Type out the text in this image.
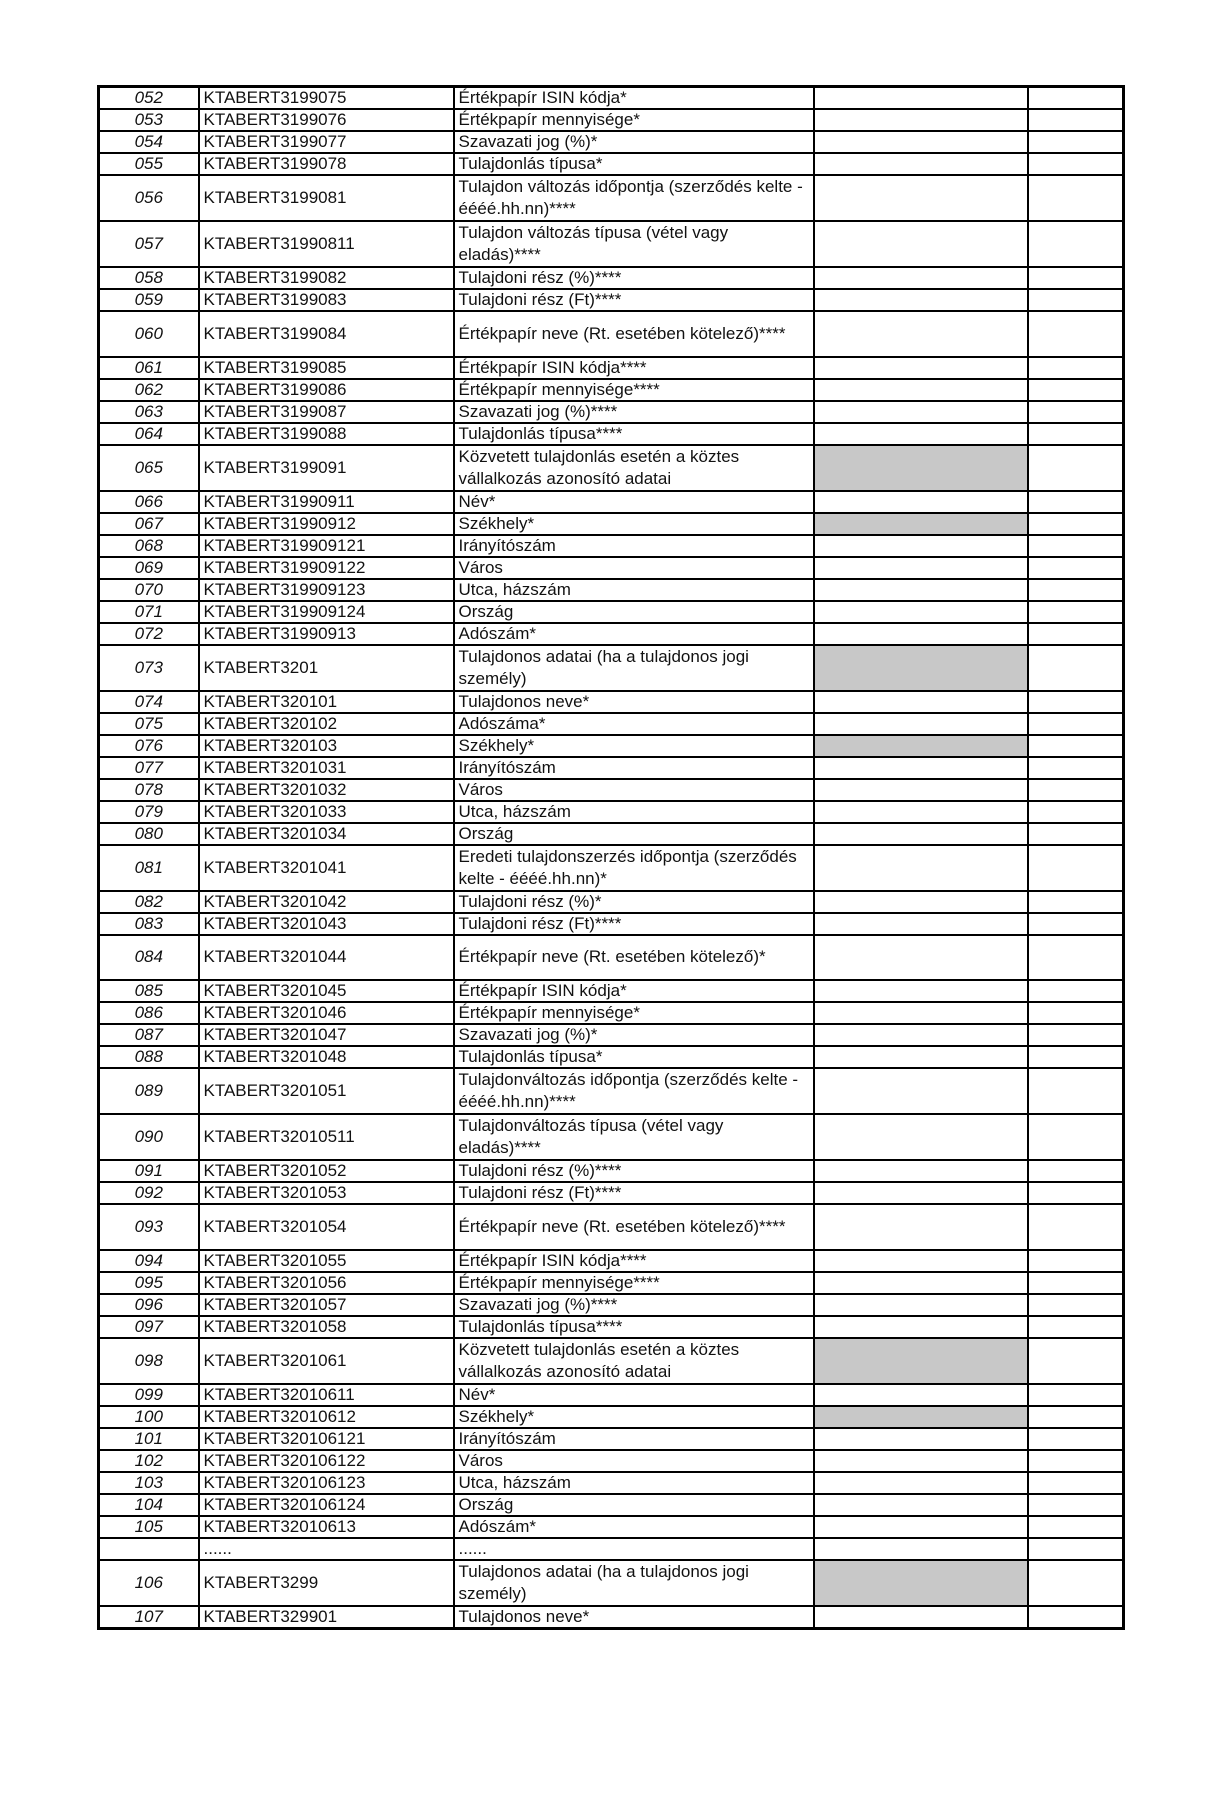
052	KTABERT3199075	Értékpapír ISIN kódja*		
053	KTABERT3199076	Értékpapír mennyisége*		
054	KTABERT3199077	Szavazati jog (%)*		
055	KTABERT3199078	Tulajdonlás típusa*		
056	KTABERT3199081	Tulajdon változás időpontja (szerződés kelte - éééé.hh.nn)****		
057	KTABERT31990811	Tulajdon változás típusa (vétel vagy eladás)****		
058	KTABERT3199082	Tulajdoni rész (%)****		
059	KTABERT3199083	Tulajdoni rész (Ft)****		
060	KTABERT3199084	Értékpapír neve (Rt. esetében kötelező)****		
061	KTABERT3199085	Értékpapír ISIN kódja****		
062	KTABERT3199086	Értékpapír mennyisége****		
063	KTABERT3199087	Szavazati jog (%)****		
064	KTABERT3199088	Tulajdonlás típusa****		
065	KTABERT3199091	Közvetett tulajdonlás esetén a köztes vállalkozás azonosító adatai		
066	KTABERT31990911	Név*		
067	KTABERT31990912	Székhely*		
068	KTABERT319909121	Irányítószám		
069	KTABERT319909122	Város		
070	KTABERT319909123	Utca, házszám		
071	KTABERT319909124	Ország		
072	KTABERT31990913	Adószám*		
073	KTABERT3201	Tulajdonos adatai (ha a tulajdonos jogi személy)		
074	KTABERT320101	Tulajdonos neve*		
075	KTABERT320102	Adószáma*		
076	KTABERT320103	Székhely*		
077	KTABERT3201031	Irányítószám		
078	KTABERT3201032	Város		
079	KTABERT3201033	Utca, házszám		
080	KTABERT3201034	Ország		
081	KTABERT3201041	Eredeti tulajdonszerzés időpontja (szerződés kelte - éééé.hh.nn)*		
082	KTABERT3201042	Tulajdoni rész (%)*		
083	KTABERT3201043	Tulajdoni rész (Ft)****		
084	KTABERT3201044	Értékpapír neve (Rt. esetében kötelező)*		
085	KTABERT3201045	Értékpapír ISIN kódja*		
086	KTABERT3201046	Értékpapír mennyisége*		
087	KTABERT3201047	Szavazati jog (%)*		
088	KTABERT3201048	Tulajdonlás típusa*		
089	KTABERT3201051	Tulajdonváltozás időpontja (szerződés kelte - éééé.hh.nn)****		
090	KTABERT32010511	Tulajdonváltozás típusa (vétel vagy eladás)****		
091	KTABERT3201052	Tulajdoni rész (%)****		
092	KTABERT3201053	Tulajdoni rész (Ft)****		
093	KTABERT3201054	Értékpapír neve (Rt. esetében kötelező)****		
094	KTABERT3201055	Értékpapír ISIN kódja****		
095	KTABERT3201056	Értékpapír mennyisége****		
096	KTABERT3201057	Szavazati jog (%)****		
097	KTABERT3201058	Tulajdonlás típusa****		
098	KTABERT3201061	Közvetett tulajdonlás esetén a köztes vállalkozás azonosító adatai		
099	KTABERT32010611	Név*		
100	KTABERT32010612	Székhely*		
101	KTABERT320106121	Irányítószám		
102	KTABERT320106122	Város		
103	KTABERT320106123	Utca, házszám		
104	KTABERT320106124	Ország		
105	KTABERT32010613	Adószám*		
	......	......		
106	KTABERT3299	Tulajdonos adatai (ha a tulajdonos jogi személy)		
107	KTABERT329901	Tulajdonos neve*		
